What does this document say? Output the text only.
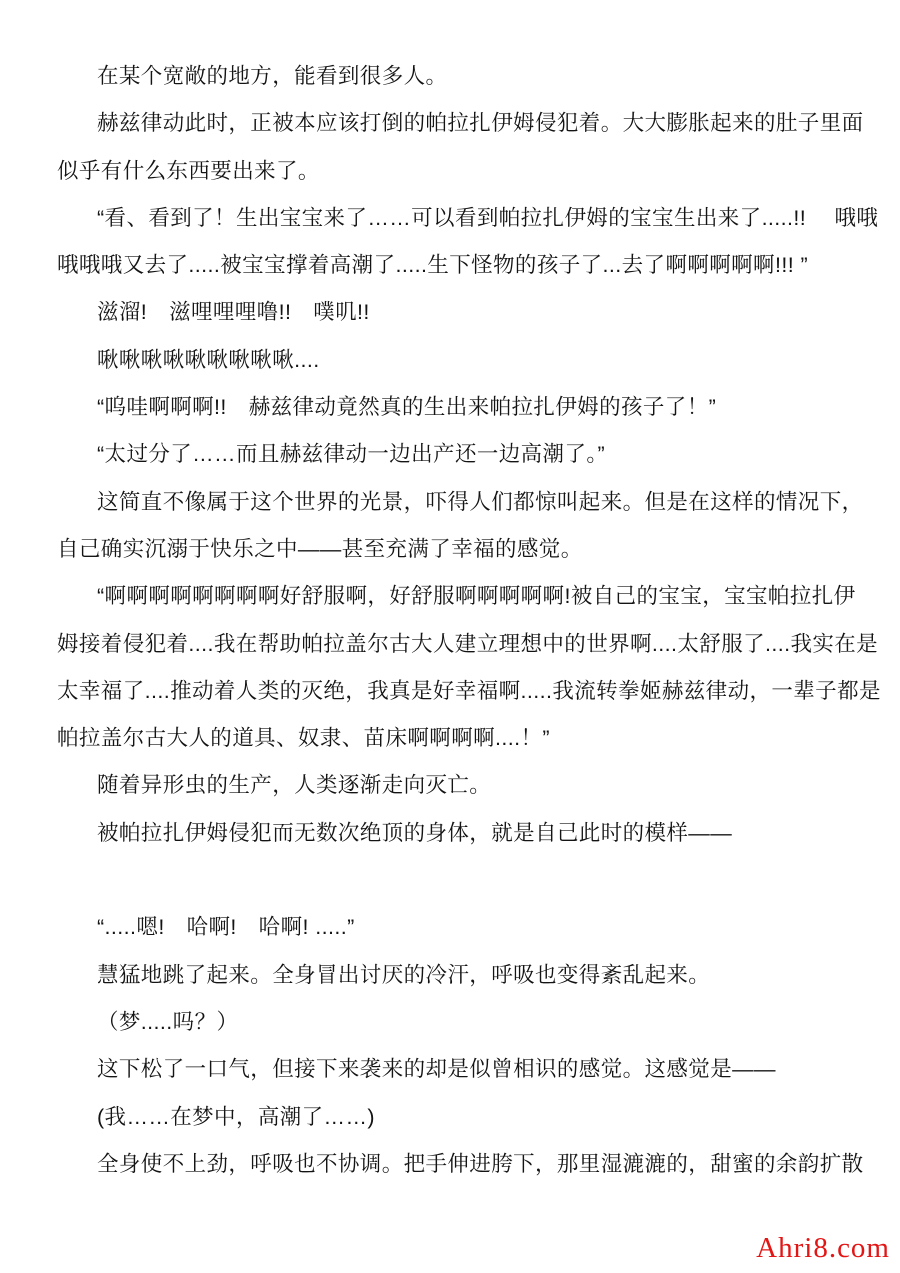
在某个宽敞的地方，能看到很多人。
赫兹律动此时，正被本应该打倒的帕拉扎伊姆侵犯着。大大膨胀起来的肚子里面
似乎有什么东西要出来了。
“看、看到了！生出宝宝来了……可以看到帕拉扎伊姆的宝宝生出来了.....!!　 哦哦
哦哦哦又去了.....被宝宝撑着高潮了.....生下怪物的孩子了...去了啊啊啊啊啊!!! ”
滋溜!　滋哩哩哩噜!!　噗叽!!
啾啾啾啾啾啾啾啾啾....
“呜哇啊啊啊!!　赫兹律动竟然真的生出来帕拉扎伊姆的孩子了！”
“太过分了……而且赫兹律动一边出产还一边高潮了。”
这简直不像属于这个世界的光景，吓得人们都惊叫起来。但是在这样的情况下，
自己确实沉溺于快乐之中——甚至充满了幸福的感觉。
“啊啊啊啊啊啊啊啊好舒服啊，好舒服啊啊啊啊啊!被自己的宝宝，宝宝帕拉扎伊
姆接着侵犯着....我在帮助帕拉盖尔古大人建立理想中的世界啊....太舒服了....我实在是
太幸福了....推动着人类的灭绝，我真是好幸福啊.....我流转拳姬赫兹律动，一辈子都是
帕拉盖尔古大人的道具、奴隶、苗床啊啊啊啊....！”
随着异形虫的生产，人类逐渐走向灭亡。
被帕拉扎伊姆侵犯而无数次绝顶的身体，就是自己此时的模样——
“.....嗯!　哈啊!　哈啊! .....”
慧猛地跳了起来。全身冒出讨厌的冷汗，呼吸也变得紊乱起来。
（梦.....吗？）
这下松了一口气，但接下来袭来的却是似曾相识的感觉。这感觉是——
(我……在梦中，高潮了……)
全身使不上劲，呼吸也不协调。把手伸进胯下，那里湿漉漉的，甜蜜的余韵扩散
Ahri8.com
